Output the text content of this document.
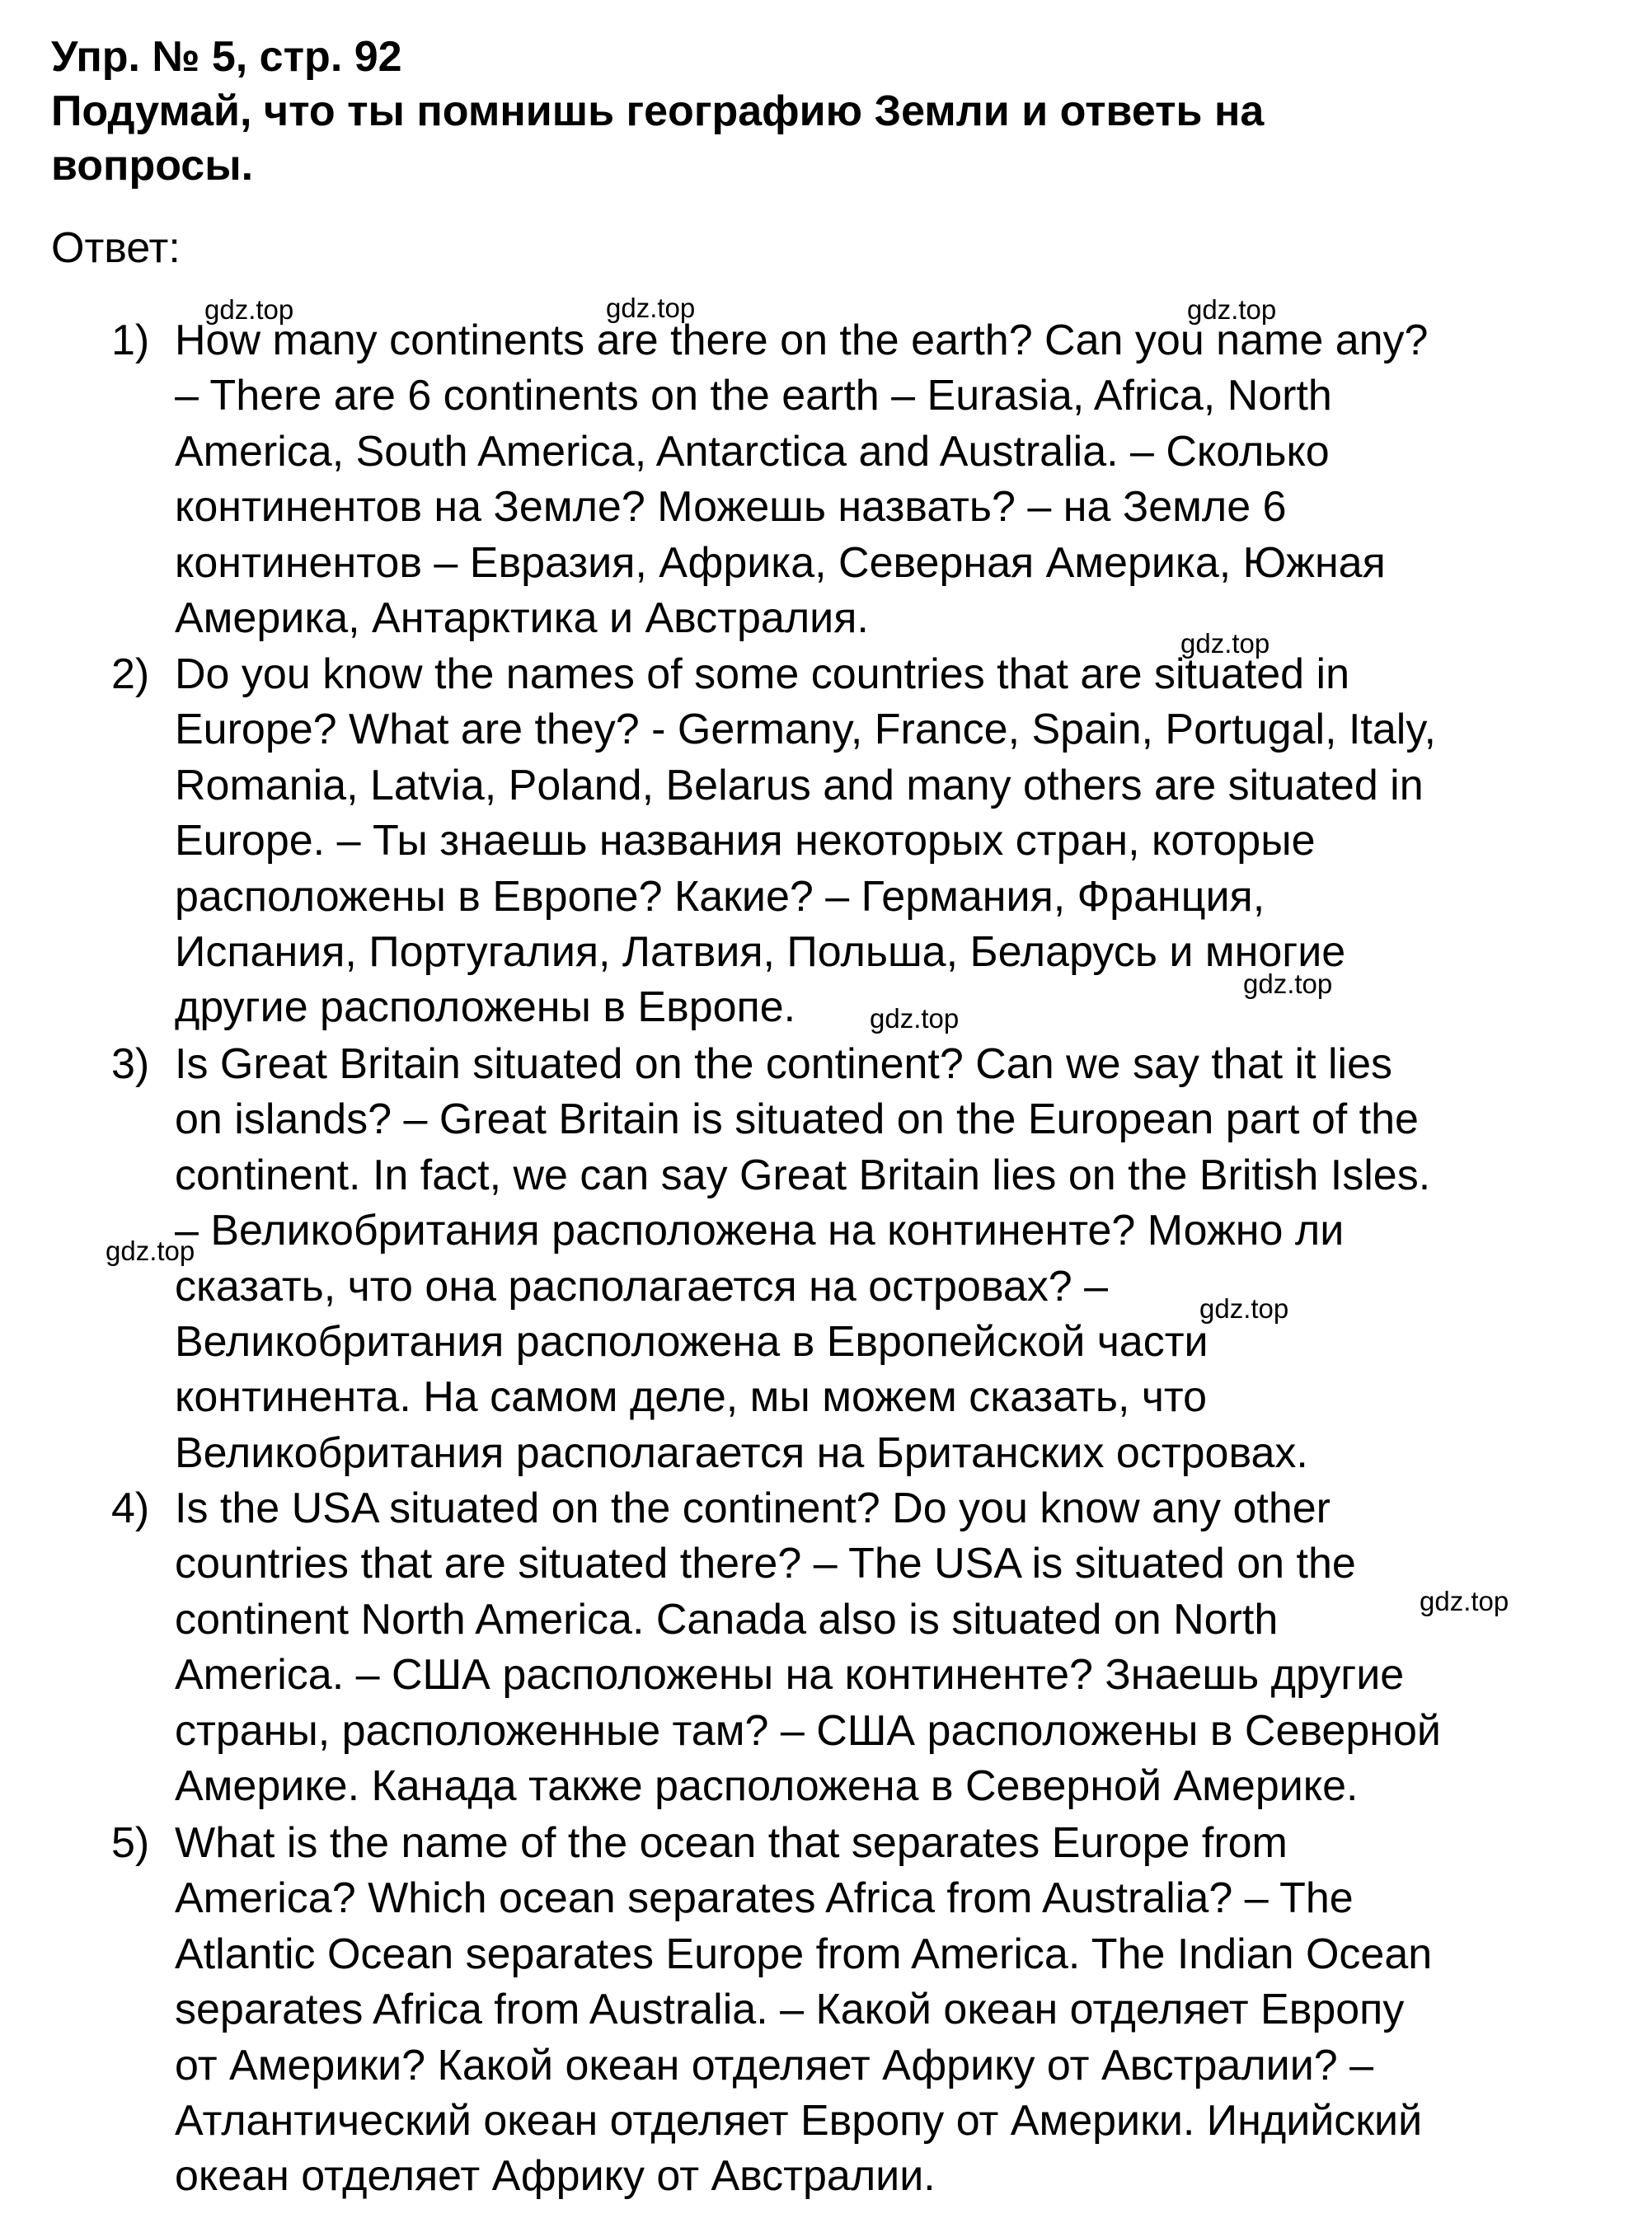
Упр. № 5, стр. 92
Подумай, что ты помнишь географию Земли и ответь на
вопросы.
Ответ:
1) How many continents are there on the earth? Can you name any?
– There are 6 continents on the earth – Eurasia, Africa, North
America, South America, Antarctica and Australia. – Сколько
континентов на Земле? Можешь назвать? – на Земле 6
континентов – Евразия, Африка, Северная Америка, Южная
Америка, Антарктика и Австралия.
2) Do you know the names of some countries that are situated in
Europe? What are they? - Germany, France, Spain, Portugal, Italy,
Romania, Latvia, Poland, Belarus and many others are situated in
Europe. – Ты знаешь названия некоторых стран, которые
расположены в Европе? Какие? – Германия, Франция,
Испания, Португалия, Латвия, Польша, Беларусь и многие
другие расположены в Европе.
3) Is Great Britain situated on the continent? Can we say that it lies
on islands? – Great Britain is situated on the European part of the
continent. In fact, we can say Great Britain lies on the British Isles.
– Великобритания расположена на континенте? Можно ли
сказать, что она располагается на островах? –
Великобритания расположена в Европейской части
континента. На самом деле, мы можем сказать, что
Великобритания располагается на Британских островах.
4) Is the USA situated on the continent? Do you know any other
countries that are situated there? – The USA is situated on the
continent North America. Canada also is situated on North
America. – США расположены на континенте? Знаешь другие
страны, расположенные там? – США расположены в Северной
Америке. Канада также расположена в Северной Америке.
5) What is the name of the ocean that separates Europe from
America? Which ocean separates Africa from Australia? – The
Atlantic Ocean separates Europe from America. The Indian Ocean
separates Africa from Australia. – Какой океан отделяет Европу
от Америки? Какой океан отделяет Африку от Австралии? –
Атлантический океан отделяет Европу от Америки. Индийский
океан отделяет Африку от Австралии.
gdz.top	gdz.top	gdz.top
gdz.top
gdz.top
gdz.top
gdz.top
gdz.top
gdz.top
